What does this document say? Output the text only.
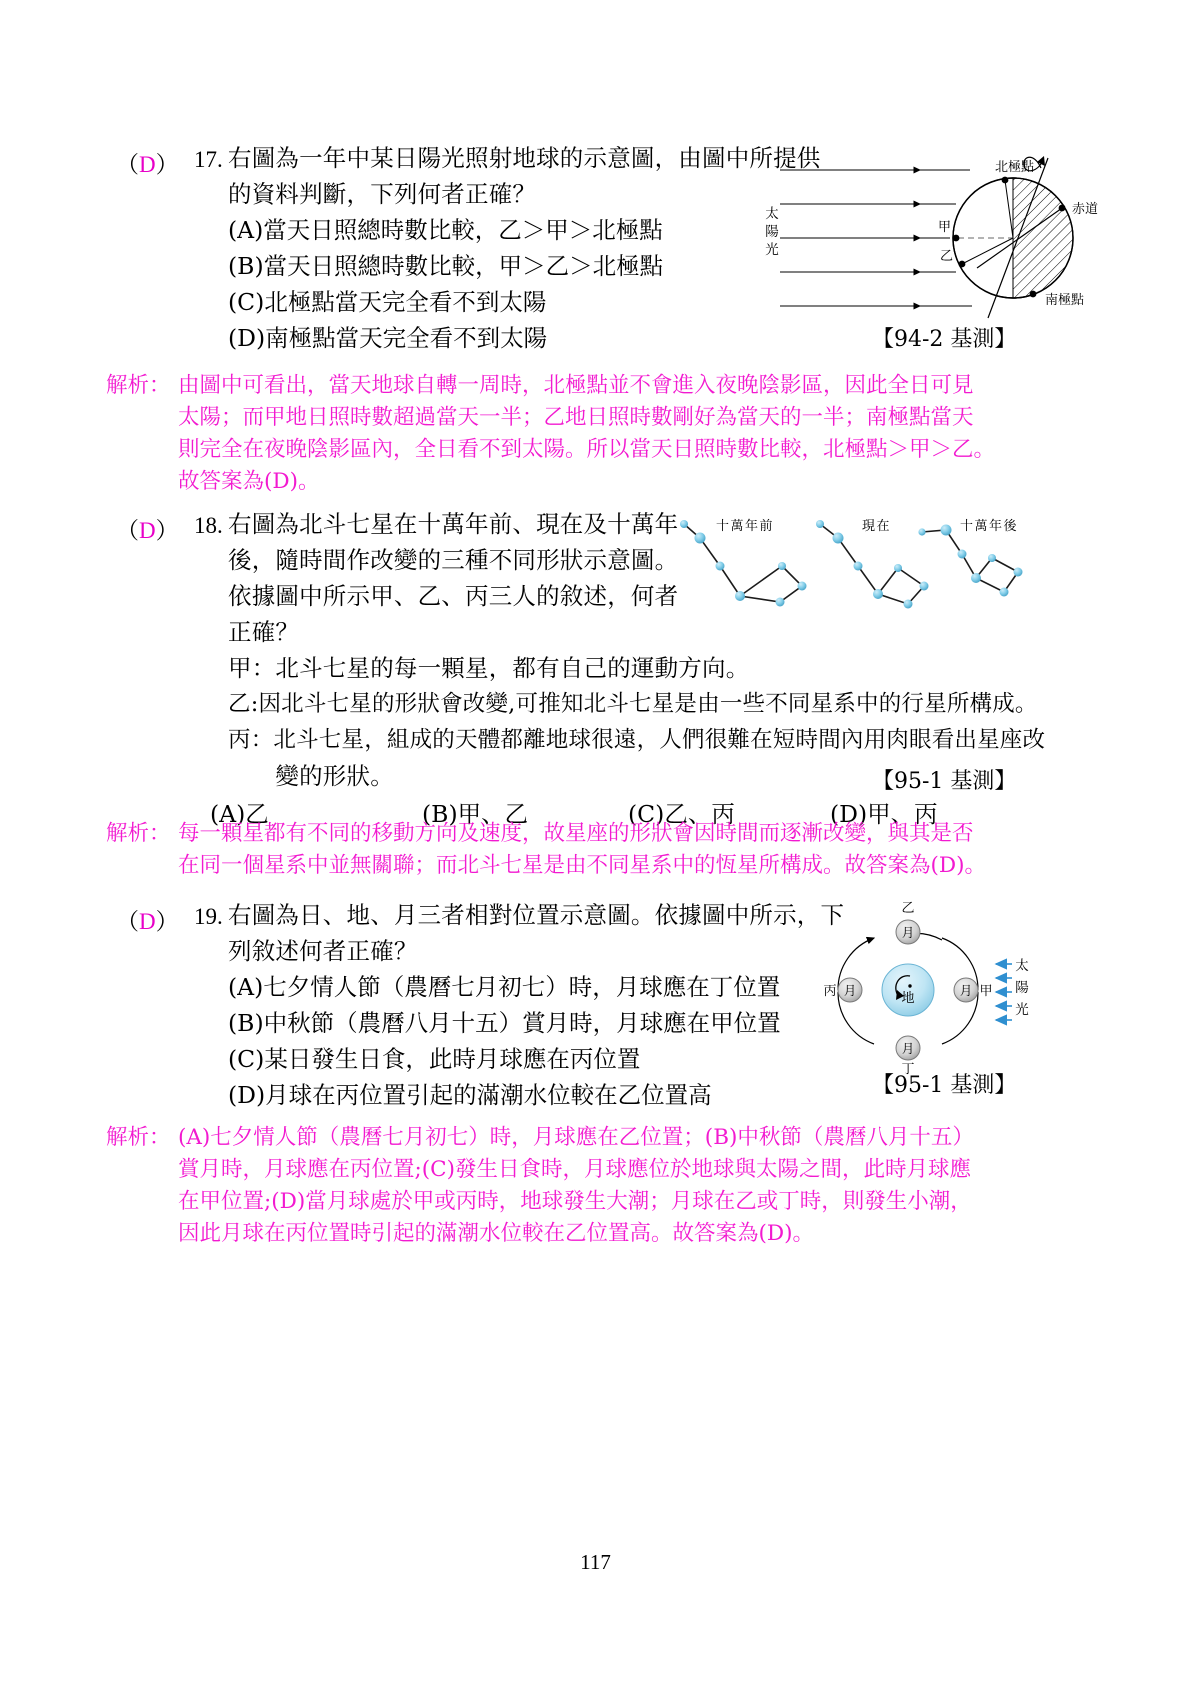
（D） 17. 右圖為一年中某日陽光照射地球的示意圖，由圖中所提供
的資料判斷，下列何者正確？
(A)當天日照總時數比較，乙＞甲＞北極點
(B)當天日照總時數比較，甲＞乙＞北極點
(C)北極點當天完全看不到太陽
(D)南極點當天完全看不到太陽	【94-2 基測】
太
陽
光
北極點
赤道
南極點
甲
乙
解析： 由圖中可看出，當天地球自轉一周時，北極點並不會進入夜晚陰影區，因此全日可見
太陽；而甲地日照時數超過當天一半；乙地日照時數剛好為當天的一半；南極點當天
則完全在夜晚陰影區內，全日看不到太陽。所以當天日照時數比較，北極點＞甲＞乙。
故答案為(D)。
（D） 18. 右圖為北斗七星在十萬年前、現在及十萬年
後，隨時間作改變的三種不同形狀示意圖。
依據圖中所示甲、乙、丙三人的敘述，何者
正確？
甲：北斗七星的每一顆星，都有自己的運動方向。
乙:因北斗七星的形狀會改變,可推知北斗七星是由一些不同星系中的行星所構成。
丙：北斗七星，組成的天體都離地球很遠，人們很難在短時間內用肉眼看出星座改
　　變的形狀。
(A)乙	(B)甲、乙	(C)乙、丙	(D)甲、丙
【95-1 基測】
十萬年前	現在	十萬年後
解析： 每一顆星都有不同的移動方向及速度，故星座的形狀會因時間而逐漸改變，與其是否
在同一個星系中並無關聯；而北斗七星是由不同星系中的恆星所構成。故答案為(D)。
（D） 19. 右圖為日、地、月三者相對位置示意圖。依據圖中所示，下
列敘述何者正確？
(A)七夕情人節（農曆七月初七）時，月球應在丁位置
(B)中秋節（農曆八月十五）賞月時，月球應在甲位置
(C)某日發生日食，此時月球應在丙位置
(D)月球在丙位置引起的滿潮水位較在乙位置高	【95-1 基測】
地
月
乙
月
丁
月
丙	月 甲
太
陽
光
解析： (A)七夕情人節（農曆七月初七）時，月球應在乙位置；(B)中秋節（農曆八月十五）
賞月時，月球應在丙位置;(C)發生日食時，月球應位於地球與太陽之間，此時月球應
在甲位置;(D)當月球處於甲或丙時，地球發生大潮；月球在乙或丁時，則發生小潮，
因此月球在丙位置時引起的滿潮水位較在乙位置高。故答案為(D)。
117
